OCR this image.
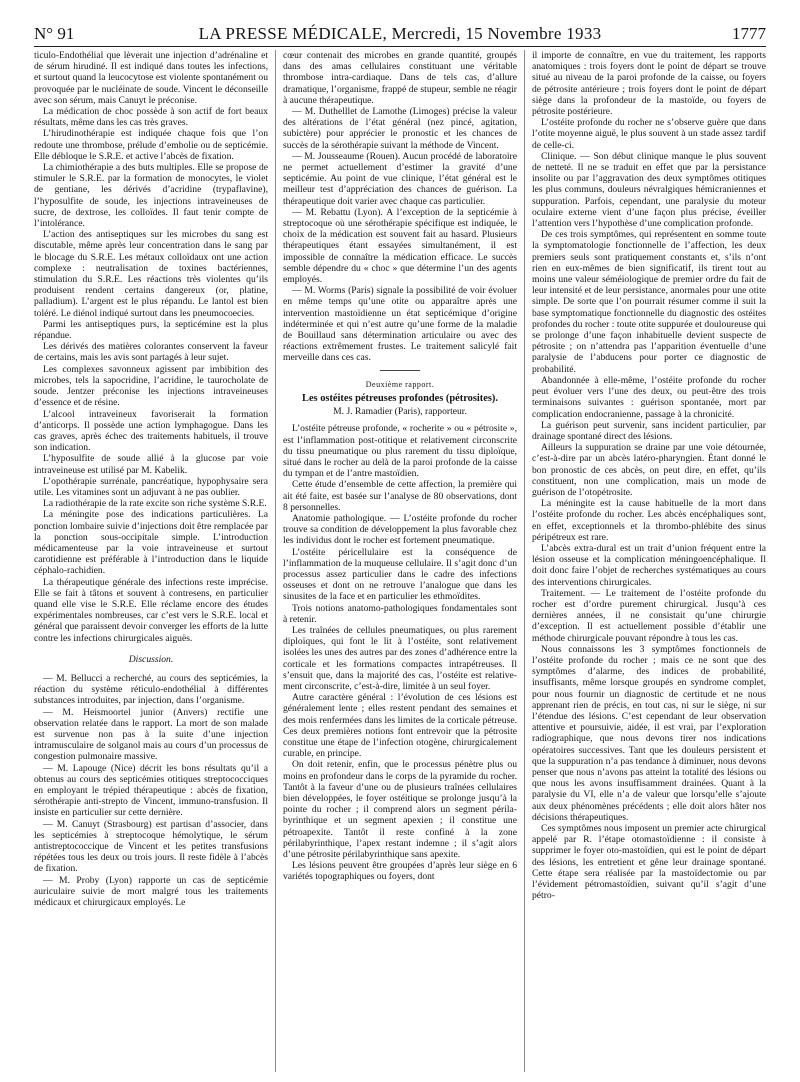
N° 91	LA PRESSE MÉDICALE, Mercredi, 15 Novembre 1933	1777

ticulo-Endothélial que lèverait une injection d’adrénaline et de sérum hirudiné. Il est indiqué dans toutes les infections, et surtout quand la leucocytose est violente spontanément ou provoquée par le nucléinate de soude. Vincent le déconseille avec son sérum, mais Canuyt le préconise.

La médication de choc possède à son actif de fort beaux résultats, même dans les cas très graves.

L’hirudinothérapie est indiquée chaque fois que l’on redoute une thrombose, prélude d’embolie ou de septicémie. Elle débloque le S.R.E. et active l’abcès de fixation.

La chimiothérapie a des buts multiples. Elle se propose de stimuler le S.R.E. par la formation de monocytes, le violet de gentiane, les dérivés d’acridine (trypaflavine), l’hyposulfite de soude, les injections intraveineuses de sucre, de dextrose, les colloïdes. Il faut tenir compte de l’intolérance.

L’action des antiseptiques sur les microbes du sang est discutable, même après leur concentration dans le sang par le blocage du S.R.E. Les métaux colloïdaux ont une action complexe : neutralisation de toxines bactériennes, stimulation du S.R.E. Les réactions très violentes qu’ils produisent rendent certains dangereux (or, platine, palladium). L’argent est le plus répandu. Le lantol est bien toléré. Le diénol indiqué surtout dans les pneumocoecies.

Parmi les antiseptiques purs, la septicémine est la plus répandue.

Les dérivés des matières colorantes conservent la faveur de certains, mais les avis sont partagés à leur sujet.

Les complexes savonneux agissent par imbibition des microbes, tels la sapocridine, l’acridine, le taurocholate de soude. Jentzer préconise les injections intraveineuses d’essence et de résine.

L’alcool intraveineux favoriserait la formation d’anticorps. Il possède une action lymphagogue. Dans les cas graves, après échec des traitements habituels, il trouve son indication.

L’hyposulfite de soude allié à la glucose par voie intraveineuse est utilisé par M. Kabelik.

L’opothérapie surrénale, pancréatique, hypophysaire sera utile. Les vitamines sont un adjuvant à ne pas oublier.

La radiothérapie de la rate excite son riche système S.R.E.

La méningite pose des indications particulières. La ponction lombaire suivie d’injections doit être remplacée par la ponction sous-occipitale simple. L’introduction médicamenteuse par la voie intraveineuse et surtout carotidienne est préférable à l’introduction dans le liquide céphalo-rachidien.

La thérapeutique générale des infections reste imprécise. Elle se fait à tâtons et souvent à contresens, en particulier quand elle vise le S.R.E. Elle réclame encore des études expérimentales nombreuses, car c’est vers le S.R.E. local et général que paraissent devoir converger les efforts de la lutte contre les infections chirurgicales aiguës.

Discussion.

— M. Bellucci a recherché, au cours des septicémies, la réaction du système réticulo-endothélial à différentes substances introduites, par injection, dans l’organisme.

— M. Heismoortel junior (Anvers) rectifie une observation relatée dans le rapport. La mort de son malade est survenue non pas à la suite d’une injection intramusculaire de solganol mais au cours d’un processus de congestion pulmonaire massive.

— M. Lapouge (Nice) décrit les bons résultats qu’il a obtenus au cours des septicémies otitiques streptococciques en employant le trépied thérapeutique : abcès de fixation, sérothérapie anti-strepto de Vincent, immuno-transfusion. Il insiste en particulier sur cette dernière.

— M. Canuyt (Strasbourg) est partisan d’associer, dans les septicémies à streptocoque hémolytique, le sérum antistreptococcique de Vincent et les petites transfusions répétées tous les deux ou trois jours. Il reste fidèle à l’abcès de fixation.

— M. Proby (Lyon) rapporte un cas de septicémie auriculaire suivie de mort malgré tous les traitements médicaux et chirurgicaux employés. Le

cœur contenait des microbes en grande quantité, groupés dans des amas cellulaires constituant une véritable thrombose intra-cardiaque. Dans de tels cas, d’allure dramatique, l’organisme, frappé de stupeur, semble ne réagir à aucune thérapeutique.

— M. Duthelllet de Lamothe (Limoges) précise la valeur des altérations de l’état général (nez pincé, agitation, subictère) pour apprécier le pronostic et les chances de succès de la sérothérapie suivant la méthode de Vincent.

— M. Jousseaume (Rouen). Aucun procédé de laboratoire ne permet actuellement d’estimer la gravité d’une septicémie. Au point de vue clinique, l’état général est le meilleur test d’appréciation des chances de guérison. La thérapeutique doit varier avec chaque cas particulier.

— M. Rebattu (Lyon). A l’exception de la septicémie à streptocoque où une sérothérapie spécifique est indiquée, le choix de la médication est souvent fait au hasard. Plusieurs thérapeutiques étant essayées simultanément, il est impossible de connaître la médication efficace. Le succès semble dépendre du « choc » que détermine l’un des agents employés.

— M. Worms (Paris) signale la possibilité de voir évoluer en même temps qu’une otite ou apparaître après une intervention mastoïdienne un état septicémique d’origine indéterminée et qui n’est autre qu’une forme de la maladie de Bouillaud sans détermination articulaire ou avec des réactions extrêmement frustes. Le traitement salicylé fait merveille dans ces cas.

Deuxième rapport.

Les ostéites pétreuses profondes (pétrosites).

M. J. Ramadier (Paris), rapporteur.

L’ostéite pétreuse profonde, « rocherite » ou « pétrosite », est l’inflammation post-otitique et relativement circonscrite du tissu pneumatique ou plus rarement du tissu diploïque, situé dans le rocher au delà de la paroi profonde de la caisse du tympan et de l’antre mastoïdien.

Cette étude d’ensemble de cette affection, la première qui ait été faite, est basée sur l’analyse de 80 observations, dont 8 personnelles.

Anatomie pathologique. — L’ostéite profonde du rocher trouve sa condition de développement la plus favorable chez les individus dont le rocher est fortement pneumatique.

L’ostéite péricellulaire est la conséquence de l’inflammation de la muqueuse cellulaire. Il s’agit donc d’un processus assez particulier dans le cadre des infections osseuses et dont on ne retrouve l’analogue que dans les sinusites de la face et en particulier les ethmoïdites.

Trois notions anatomo-pathologiques fondamentales sont à retenir.

Les traînées de cellules pneumatiques, ou plus rarement diploïques, qui font le lit à l’ostéite, sont relativement isolées les unes des autres par des zones d’adhérence entre la corticale et les formations compactes intrapétreuses. Il s’ensuit que, dans la majorité des cas, l’ostéite est relativement circonscrite, c’est-à-dire, limitée à un seul foyer.

Autre caractère général : l’évolution de ces lésions est généralement lente ; elles restent pendant des semaines et des mois renfermées dans les limites de la corticale pétreuse. Ces deux premières notions font entrevoir que la pétrosite constitue une étape de l’infection otogène, chirurgicalement curable, en principe.

On doit retenir, enfin, que le processus pénètre plus ou moins en profondeur dans le corps de la pyramide du rocher. Tantôt à la faveur d’une ou de plusieurs traînées cellulaires bien développées, le foyer ostéitique se prolonge jusqu’à la pointe du rocher ; il comprend alors un segment périlabyrinthique et un segment apexien ; il constitue une pétroapexite. Tantôt il reste confiné à la zone périlabyrinthique, l’apex restant indemne ; il s’agit alors d’une pétrosite périlabyrinthique sans apexite.

Les lésions peuvent être groupées d’après leur siège en 6 variétés topographiques ou foyers, dont

il importe de connaître, en vue du traitement, les rapports anatomiques : trois foyers dont le point de départ se trouve situé au niveau de la paroi profonde de la caisse, ou foyers de pétrosite antérieure ; trois foyers dont le point de départ siège dans la profondeur de la mastoïde, ou foyers de pétrosite postérieure.

L’ostéite profonde du rocher ne s’observe guère que dans l’otite moyenne aiguë, le plus souvent à un stade assez tardif de celle-ci.

Clinique. — Son début clinique manque le plus souvent de netteté. Il ne se traduit en effet que par la persistance insolite ou par l’aggravation des deux symptômes otitiques les plus communs, douleurs névralgiques hémicraniennes et suppuration. Parfois, cependant, une paralysie du moteur oculaire externe vient d’une façon plus précise, éveiller l’attention vers l’hypothèse d’une complication profonde.

De ces trois symptômes, qui représentent en somme toute la symptomatologie fonctionnelle de l’affection, les deux premiers seuls sont pratiquement constants et, s’ils n’ont rien en eux-mêmes de bien significatif, ils tirent tout au moins une valeur séméiologique de premier ordre du fait de leur intensité et de leur persistance, anormales pour une otite simple. De sorte que l’on pourrait résumer comme il suit la base symptomatique fonctionnelle du diagnostic des ostéites profondes du rocher : toute otite suppurée et douloureuse qui se prolonge d’une façon inhabituelle devient suspecte de pétrosite ; on n’attendra pas l’apparition éventuelle d’une paralysie de l’abducens pour porter ce diagnostic de probabilité.

Abandonnée à elle-même, l’ostéite profonde du rocher peut évoluer vers l’une des deux, ou peut-être des trois terminaisons suivantes : guérison spontanée, mort par complication endocranienne, passage à la chronicité.

La guérison peut survenir, sans incident particulier, par drainage spontané direct des lésions.

Ailleurs la suppuration se draine par une voie détournée, c’est-à-dire par un abcès latéro-pharyngien. Étant donné le bon pronostic de ces abcès, on peut dire, en effet, qu’ils constituent, non une complication, mais un mode de guérison de l’otopétrosite.

La méningite est la cause habituelle de la mort dans l’ostéite profonde du rocher. Les abcès encéphaliques sont, en effet, exceptionnels et la thrombo-phlébite des sinus péripétreux est rare.

L’abcès extra-dural est un trait d’union fréquent entre la lésion osseuse et la complication méningoencéphalique. Il doit donc faire l’objet de recherches systématiques au cours des interventions chirurgicales.

Traitement. — Le traitement de l’ostéite profonde du rocher est d’ordre purement chirurgical. Jusqu’à ces dernières années, il ne consistait qu’une chirurgie d’exception. Il est actuellement possible d’établir une méthode chirurgicale pouvant répondre à tous les cas.

Nous connaissons les 3 symptômes fonctionnels de l’ostéite profonde du rocher ; mais ce ne sont que des symptômes d’alarme, des indices de probabilité, insuffisants, même lorsque groupés en syndrome complet, pour nous fournir un diagnostic de certitude et ne nous apprenant rien de précis, en tout cas, ni sur le siège, ni sur l’étendue des lésions. C’est cependant de leur observation attentive et poursuivie, aidée, il est vrai, par l’exploration radiographique, que nous devons tirer nos indications opératoires successives. Tant que les douleurs persistent et que la suppuration n’a pas tendance à diminuer, nous devons penser que nous n’avons pas atteint la totalité des lésions ou que nous les avons insuffisamment drainées. Quant à la paralysie du VI, elle n’a de valeur que lorsqu’elle s’ajoute aux deux phénomènes précédents ; elle doit alors hâter nos décisions thérapeutiques.

Ces symptômes nous imposent un premier acte chirurgical appelé par R. l’étape otomastoïdienne : il consiste à supprimer le foyer oto-mastoïdien, qui est le point de départ des lésions, les entretient et gêne leur drainage spontané. Cette étape sera réalisée par la mastoïdectomie ou par l’évidement pétromastoïdien, suivant qu’il s’agit d’une pétro-
